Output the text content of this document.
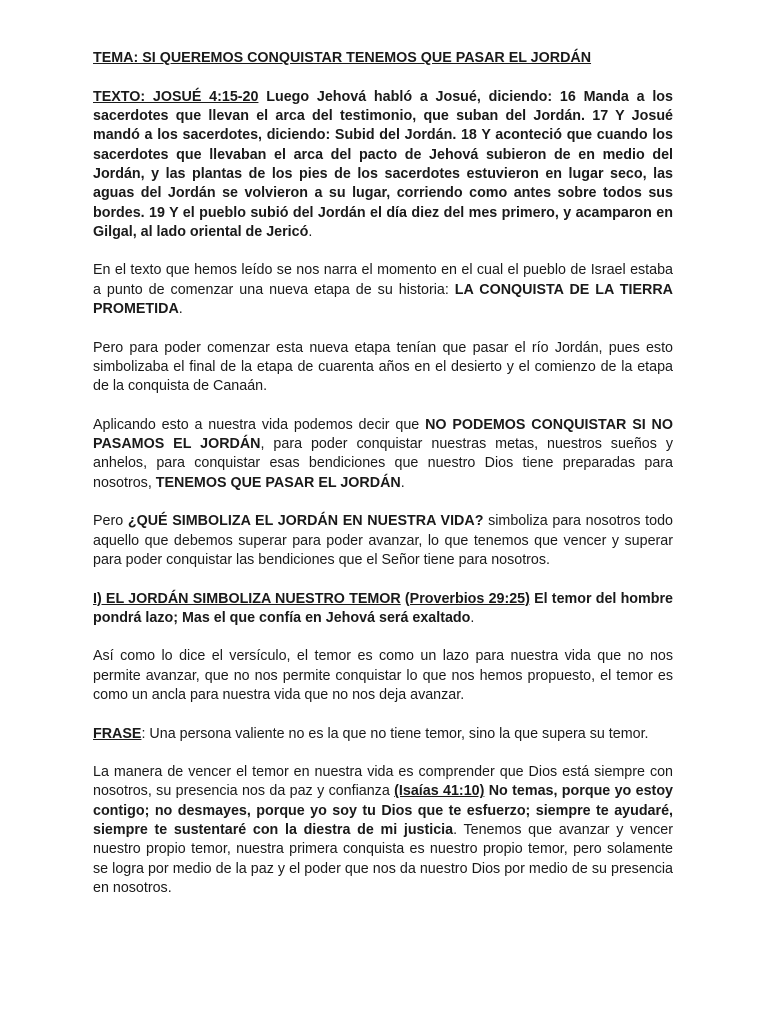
TEMA: SI QUEREMOS CONQUISTAR TENEMOS QUE PASAR EL JORDÁN

TEXTO: JOSUÉ 4:15-20 Luego Jehová habló a Josué, diciendo: 16 Manda a los sacerdotes que llevan el arca del testimonio, que suban del Jordán. 17 Y Josué mandó a los sacerdotes, diciendo: Subid del Jordán. 18 Y aconteció que cuando los sacerdotes que llevaban el arca del pacto de Jehová subieron de en medio del Jordán, y las plantas de los pies de los sacerdotes estuvieron en lugar seco, las aguas del Jordán se volvieron a su lugar, corriendo como antes sobre todos sus bordes. 19 Y el pueblo subió del Jordán el día diez del mes primero, y acamparon en Gilgal, al lado oriental de Jericó.

En el texto que hemos leído se nos narra el momento en el cual el pueblo de Israel estaba a punto de comenzar una nueva etapa de su historia: LA CONQUISTA DE LA TIERRA PROMETIDA.

Pero para poder comenzar esta nueva etapa tenían que pasar el río Jordán, pues esto simbolizaba el final de la etapa de cuarenta años en el desierto y el comienzo de la etapa de la conquista de Canaán.

Aplicando esto a nuestra vida podemos decir que NO PODEMOS CONQUISTAR SI NO PASAMOS EL JORDÁN, para poder conquistar nuestras metas, nuestros sueños y anhelos, para conquistar esas bendiciones que nuestro Dios tiene preparadas para nosotros, TENEMOS QUE PASAR EL JORDÁN.

Pero ¿QUÉ SIMBOLIZA EL JORDÁN EN NUESTRA VIDA? simboliza para nosotros todo aquello que debemos superar para poder avanzar, lo que tenemos que vencer y superar para poder conquistar las bendiciones que el Señor tiene para nosotros.

I) EL JORDÁN SIMBOLIZA NUESTRO TEMOR (Proverbios 29:25) El temor del hombre pondrá lazo; Mas el que confía en Jehová será exaltado.

Así como lo dice el versículo, el temor es como un lazo para nuestra vida que no nos permite avanzar, que no nos permite conquistar lo que nos hemos propuesto, el temor es como un ancla para nuestra vida que no nos deja avanzar.

FRASE: Una persona valiente no es la que no tiene temor, sino la que supera su temor.

La manera de vencer el temor en nuestra vida es comprender que Dios está siempre con nosotros, su presencia nos da paz y confianza (Isaías 41:10) No temas, porque yo estoy contigo; no desmayes, porque yo soy tu Dios que te esfuerzo; siempre te ayudaré, siempre te sustentaré con la diestra de mi justicia. Tenemos que avanzar y vencer nuestro propio temor, nuestra primera conquista es nuestro propio temor, pero solamente se logra por medio de la paz y el poder que nos da nuestro Dios por medio de su presencia en nosotros.
